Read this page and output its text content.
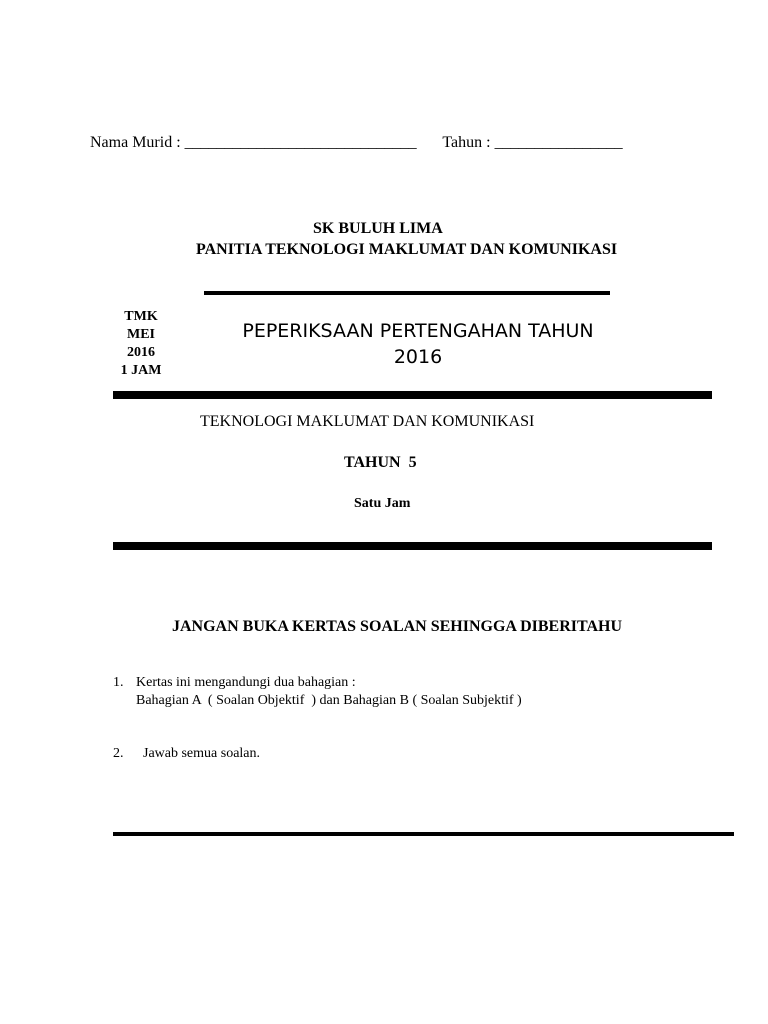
Nama Murid : _____________________________ Tahun : ________________
SK BULUH LIMA
PANITIA TEKNOLOGI MAKLUMAT DAN KOMUNIKASI
TMK
MEI
2016
1 JAM
PEPERIKSAAN PERTENGAHAN TAHUN
2016
TEKNOLOGI MAKLUMAT DAN KOMUNIKASI
TAHUN  5
Satu Jam
JANGAN BUKA KERTAS SOALAN SEHINGGA DIBERITAHU
1. Kertas ini mengandungi dua bahagian :
Bahagian A  ( Soalan Objektif  ) dan Bahagian B ( Soalan Subjektif )
2. Jawab semua soalan.
